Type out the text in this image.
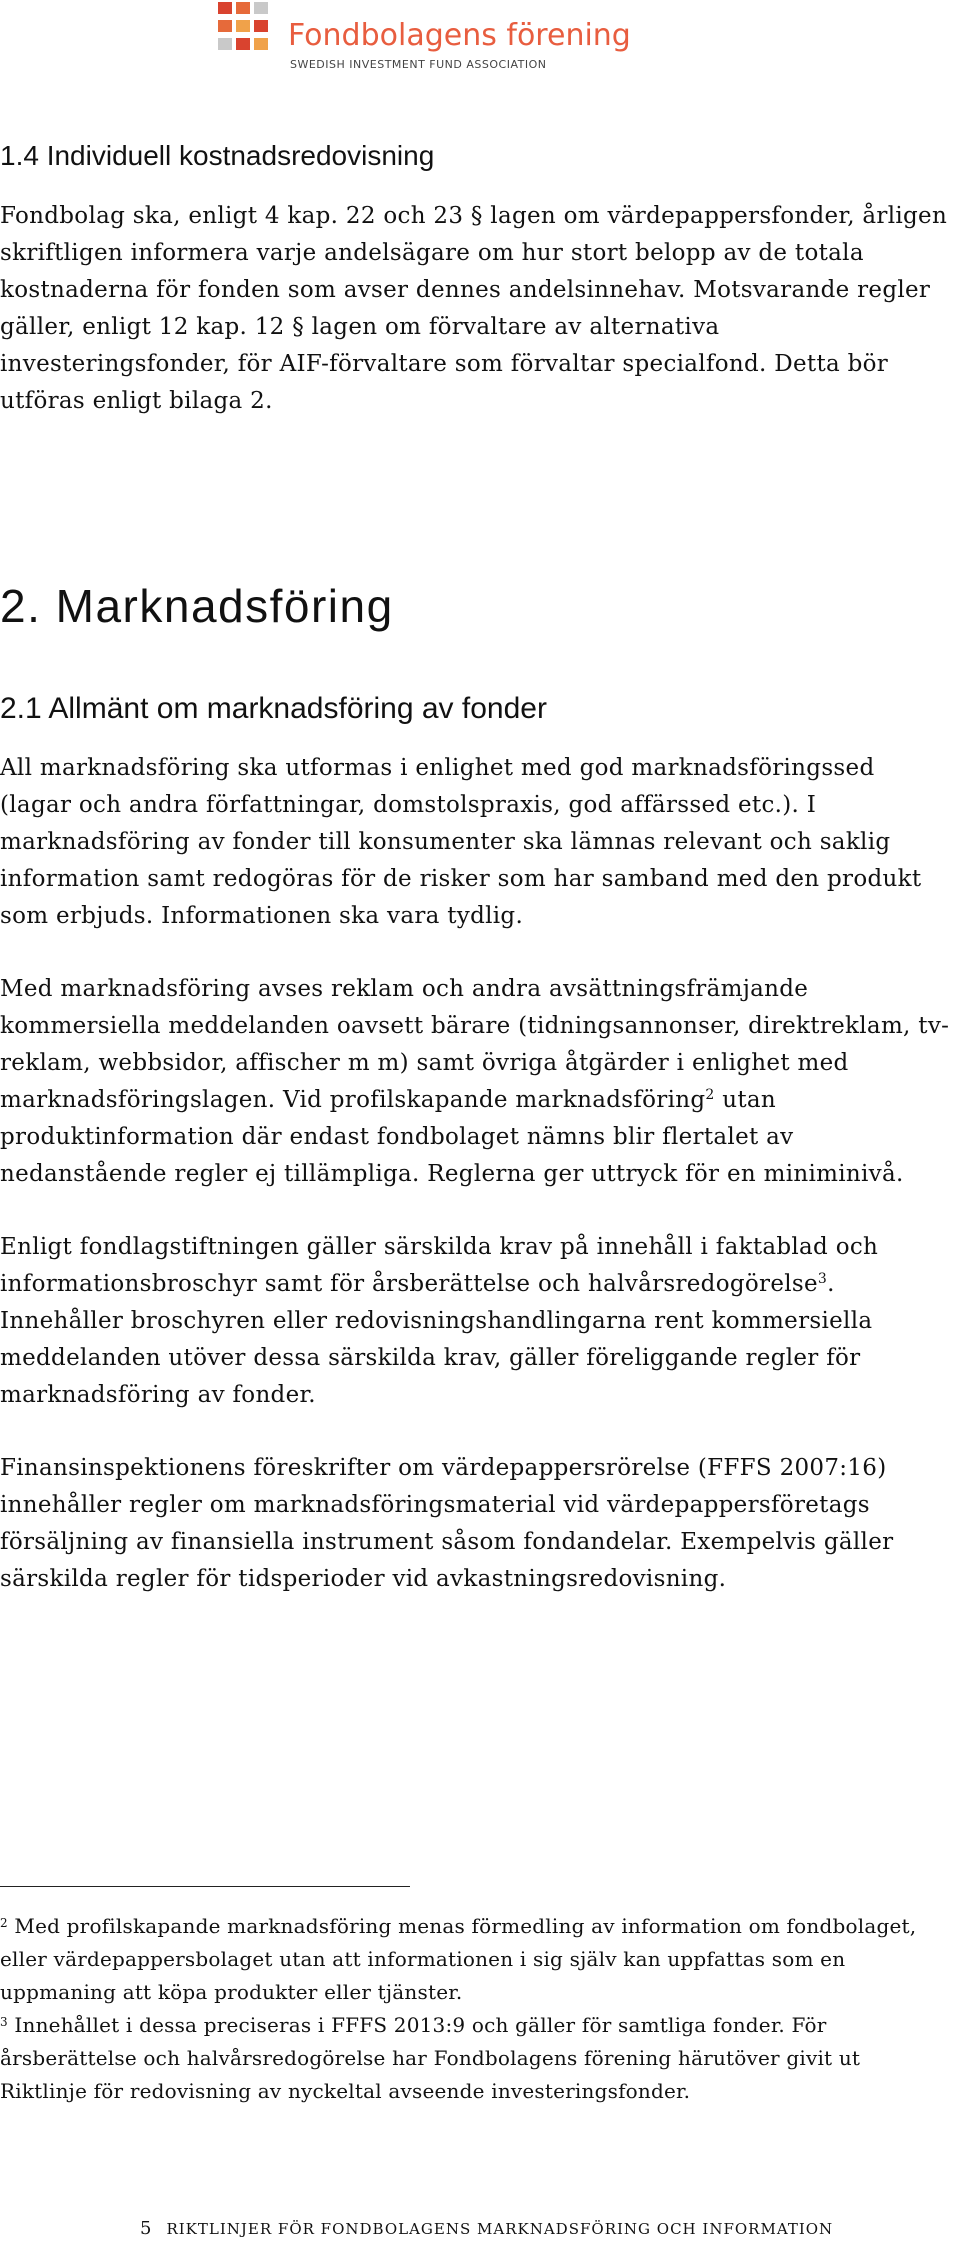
Fondbolagens förening
SWEDISH INVESTMENT FUND ASSOCIATION
1.4 Individuell kostnadsredovisning

Fondbolag ska, enligt 4 kap. 22 och 23 § lagen om värdepappersfonder, årligen skriftligen informera varje andelsägare om hur stort belopp av de totala kostnaderna för fonden som avser dennes andelsinnehav. Motsvarande regler gäller, enligt 12 kap. 12 § lagen om förvaltare av alternativa investeringsfonder, för AIF-förvaltare som förvaltar specialfond. Detta bör utföras enligt bilaga 2.

2. Marknadsföring
2.1 Allmänt om marknadsföring av fonder

All marknadsföring ska utformas i enlighet med god marknadsföringssed (lagar och andra författningar, domstolspraxis, god affärssed etc.). I marknadsföring av fonder till konsumenter ska lämnas relevant och saklig information samt redogöras för de risker som har samband med den produkt som erbjuds. Informationen ska vara tydlig.

Med marknadsföring avses reklam och andra avsättningsfrämjande kommersiella meddelanden oavsett bärare (tidningsannonser, direktreklam, tv-reklam, webbsidor, affischer m m) samt övriga åtgärder i enlighet med marknadsföringslagen. Vid profilskapande marknadsföring$^2$ utan produktinformation där endast fondbolaget nämns blir flertalet av nedanstående regler ej tillämpliga. Reglerna ger uttryck för en miniminivå.

Enligt fondlagstiftningen gäller särskilda krav på innehåll i faktablad och informationsbroschyr samt för årsberättelse och halvårsredogörelse$^3$. Innehåller broschyren eller redovisningshandlingarna rent kommersiella meddelanden utöver dessa särskilda krav, gäller föreliggande regler för marknadsföring av fonder.

Finansinspektionens föreskrifter om värdepappersrörelse (FFFS 2007:16) innehåller regler om marknadsföringsmaterial vid värdepappersföretags försäljning av finansiella instrument såsom fondandelar. Exempelvis gäller särskilda regler för tidsperioder vid avkastningsredovisning.

$^2$ Med profilskapande marknadsföring menas förmedling av information om fondbolaget, eller värdepappersbolaget utan att informationen i sig själv kan uppfattas som en uppmaning att köpa produkter eller tjänster.

$^3$ Innehållet i dessa preciseras i FFFS 2013:9 och gäller för samtliga fonder. För årsberättelse och halvårsredogörelse har Fondbolagens förening härutöver givit ut Riktlinje för redovisning av nyckeltal avseende investeringsfonder.

5 RIKTLINJER FÖR FONDBOLAGENS MARKNADSFÖRING OCH INFORMATION
